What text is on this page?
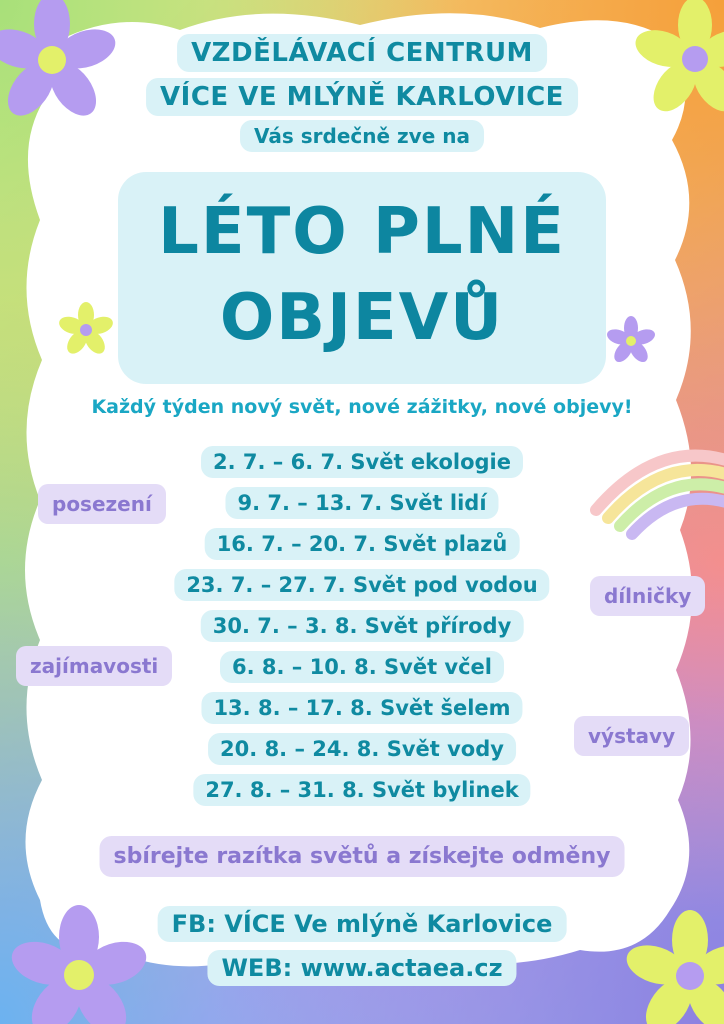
VZDĚLÁVACÍ CENTRUM
VÍCE VE MLÝNĚ KARLOVICE
Vás srdečně zve na
LÉTO PLNÉ
OBJEVŮ
Každý týden nový svět, nové zážitky, nové objevy!
2. 7. – 6. 7. Svět ekologie
9. 7. – 13. 7. Svět lidí
16. 7. – 20. 7. Svět plazů
23. 7. – 27. 7. Svět pod vodou
30. 7. – 3. 8. Svět přírody
6. 8. – 10. 8. Svět včel
13. 8. – 17. 8. Svět šelem
20. 8. – 24. 8. Svět vody
27. 8. – 31. 8. Svět bylinek
posezení
zajímavosti
dílničky
výstavy
sbírejte razítka světů a získejte odměny
FB: VÍCE Ve mlýně Karlovice
WEB: www.actaea.cz
